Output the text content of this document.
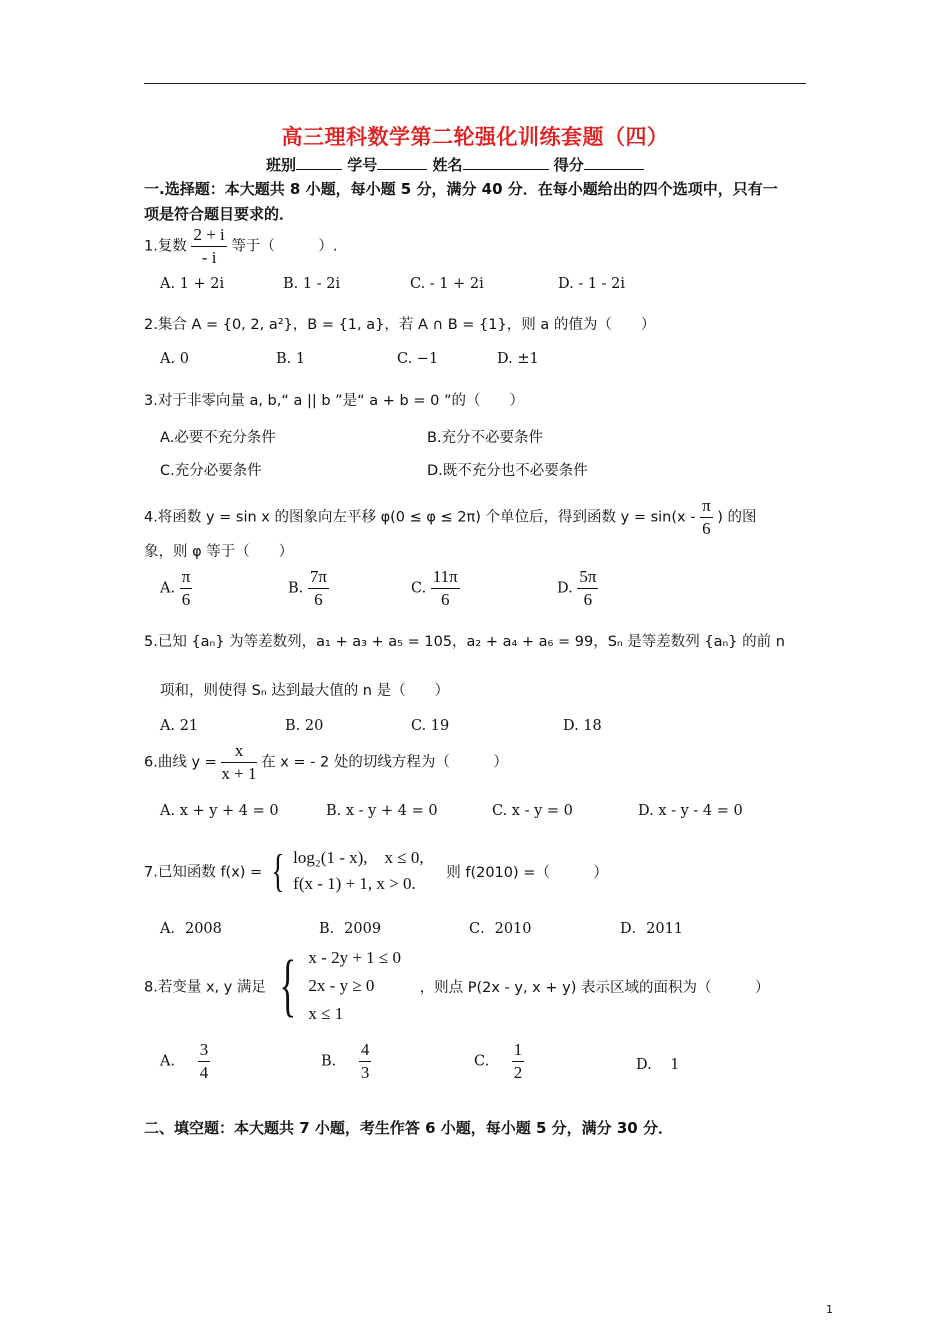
高三理科数学第二轮强化训练套题（四）
班别	学号	姓名	得分
一.选择题：本大题共 8 小题，每小题 5 分，满分 40 分．在每小题给出的四个选项中，只有一
项是符合题目要求的．
1.复数 $\frac{2 + i}{- i}$ 等于（　　　）.
A. 1 + 2i	B. 1 - 2i	C. - 1 + 2i	D. - 1 - 2i
2.集合 A = {0, 2, a²}，B = {1, a}，若 A ∩ B = {1}，则 a 的值为（　　）
A. 0	B. 1	C. −1	D. ±1
3.对于非零向量 a, b,“ a || b ”是“ a + b = 0 ”的（　　）
A.必要不充分条件	B.充分不必要条件
C.充分必要条件	D.既不充分也不必要条件
4.将函数 y = sin x 的图象向左平移 φ(0 ≤ φ ≤ 2π) 个单位后，得到函数 $y = \sin(x - \frac{\pi}{6}$ ) 的图
象，则 φ 等于（　　）
A. $\frac{\pi}{6}$	B. $\frac{7\pi}{6}$	C. $\frac{11\pi}{6}$	D. $\frac{5\pi}{6}$
5.已知 {aₙ} 为等差数列，a₁ + a₃ + a₅ = 105，a₂ + a₄ + a₆ = 99，Sₙ 是等差数列 {aₙ} 的前 n
项和，则使得 Sₙ 达到最大值的 n 是（　　）
A. 21	B. 20	C. 19	D. 18
6.曲线 $y = \frac{x}{x + 1}$ 在 x = - 2 处的切线方程为（　　　）
A. x + y + 4 = 0	B. x - y + 4 = 0	C. x - y = 0	D. x - y - 4 = 0
7.已知函数 f(x) = { log₂(1 - x),　x ≤ 0,
f(x - 1) + 1, x > 0.
则 f(2010) =（　　　）
A．2008	B．2009	C．2010	D．2011
8.若变量 x, y 满足 { x - 2y + 1 ≤ 0
2x - y ≥ 0
x ≤ 1
，则点 P(2x - y, x + y) 表示区域的面积为（　　　）
A. $\frac{3}{4}$	B. $\frac{4}{3}$	C. $\frac{1}{2}$	D. 1
二、填空题：本大题共 7 小题，考生作答 6 小题，每小题 5 分，满分 30 分．
1
